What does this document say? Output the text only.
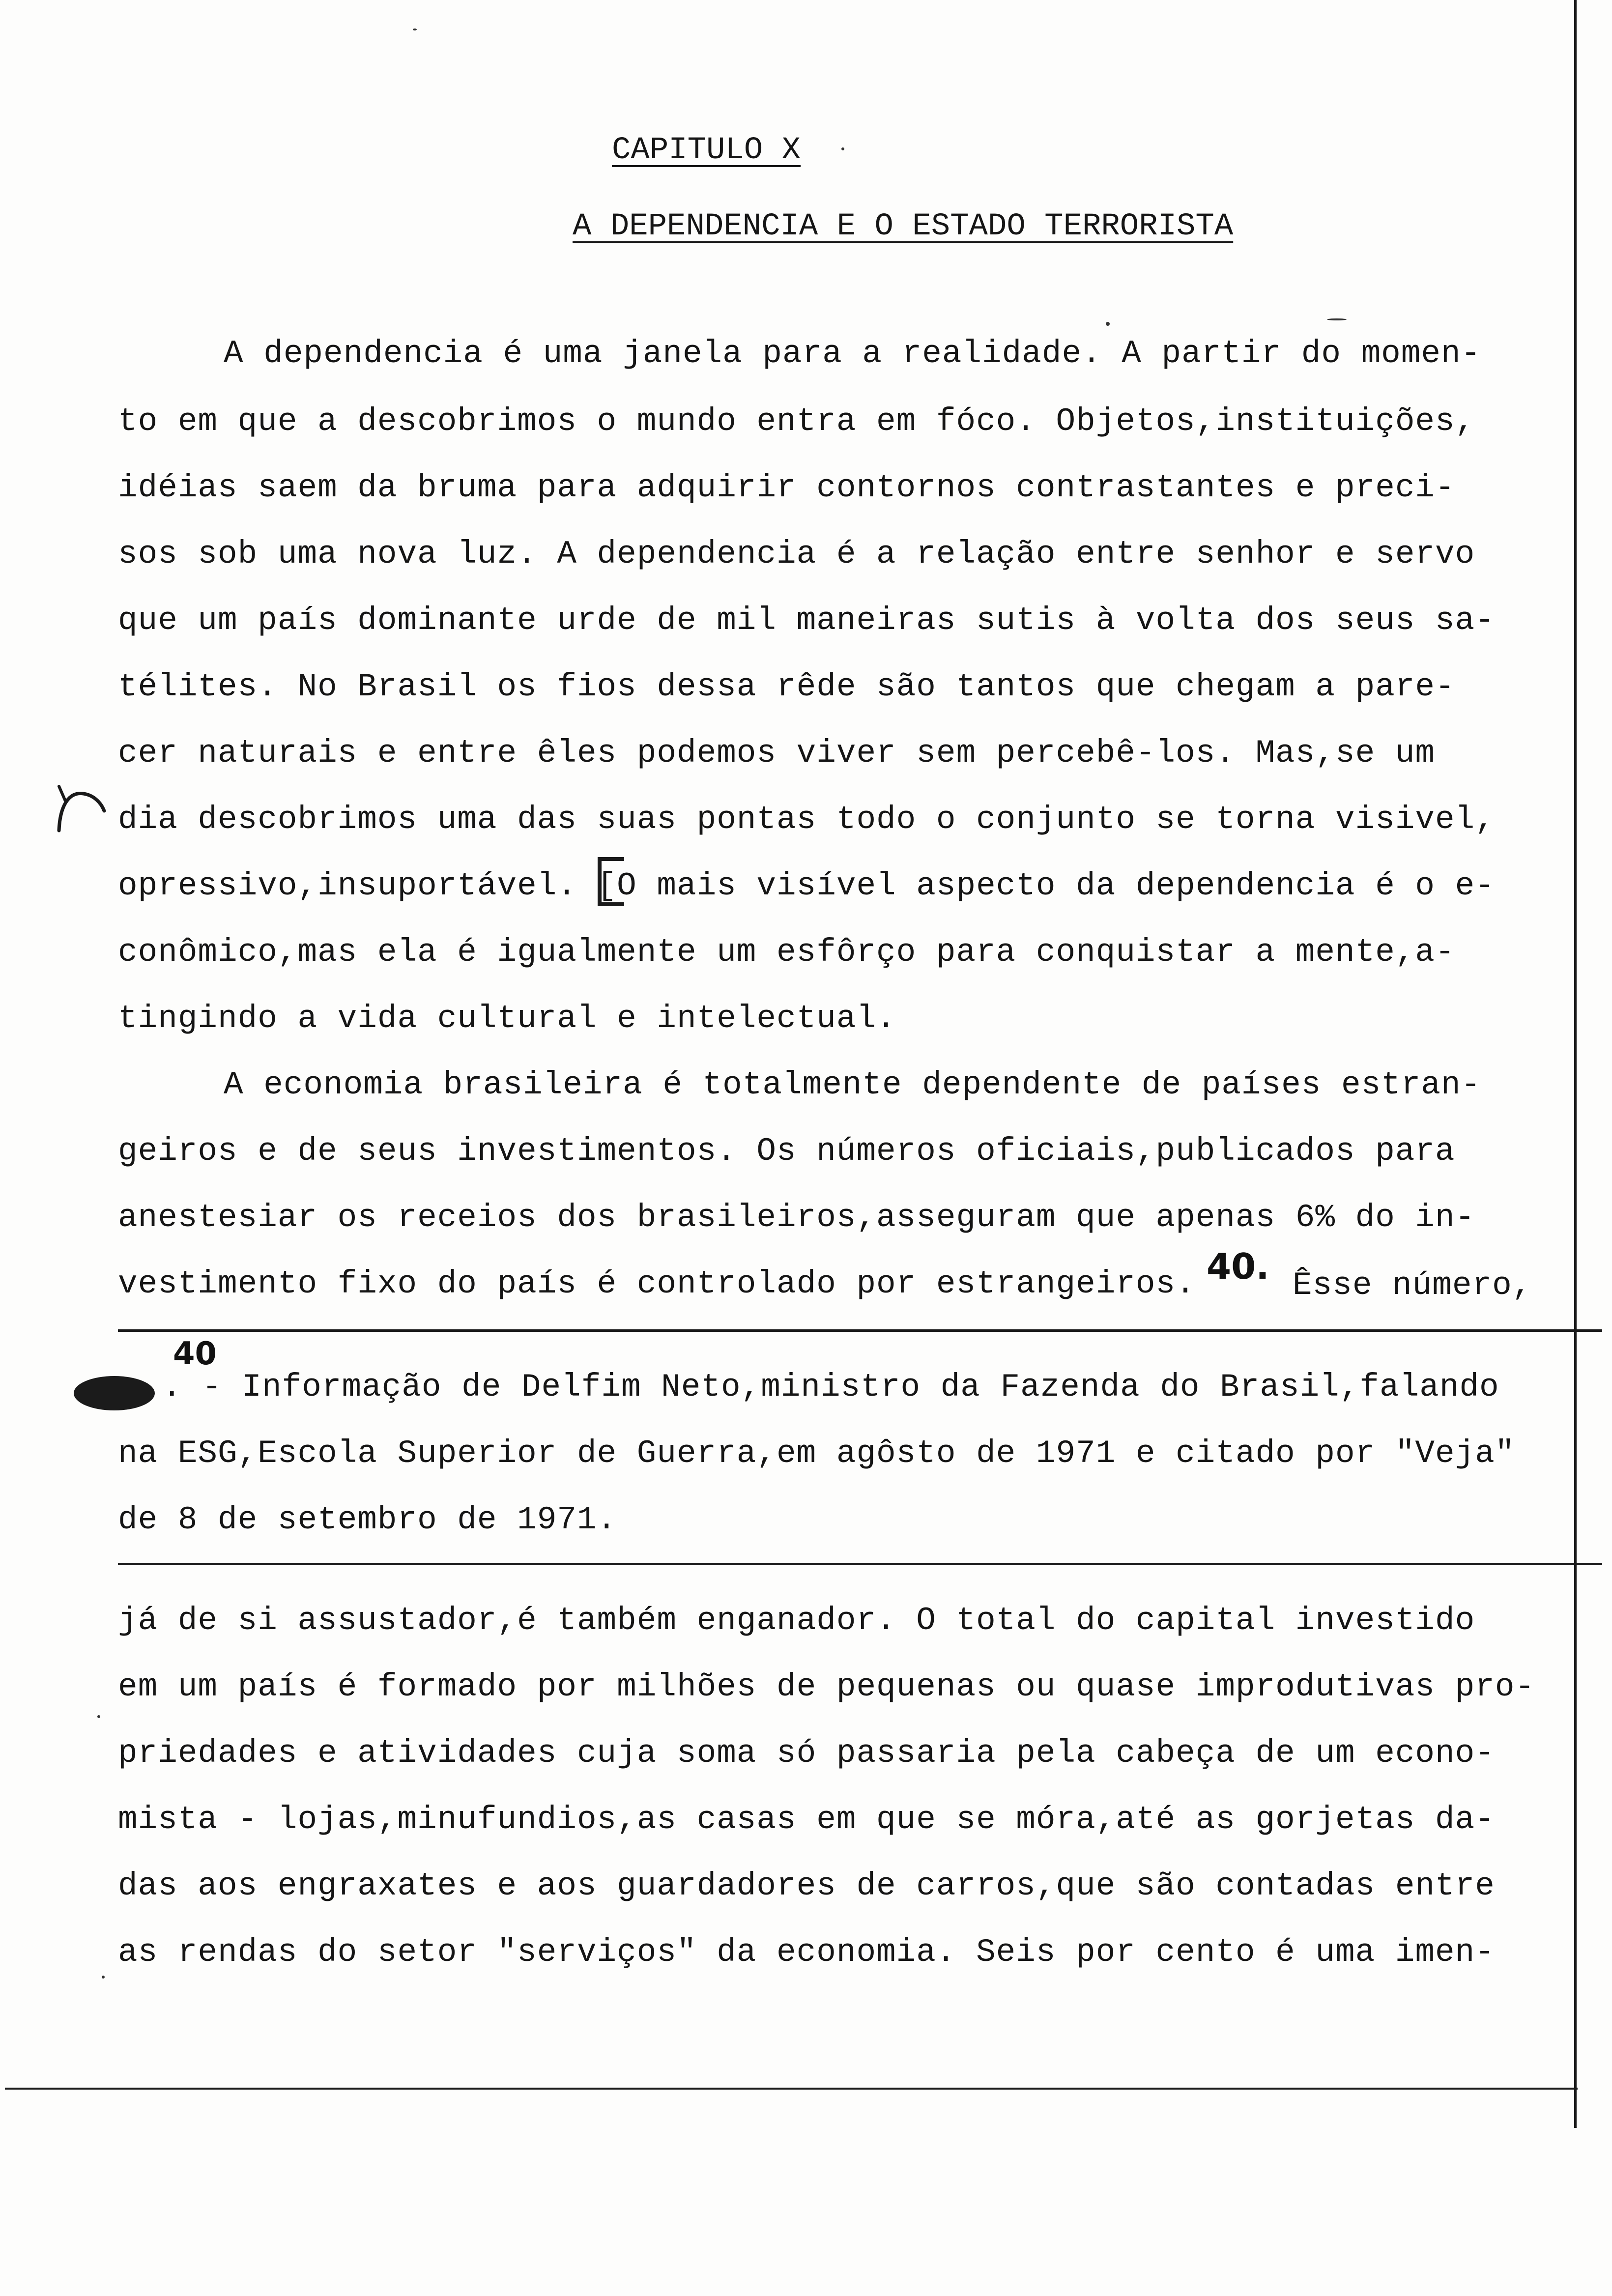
CAPITULO X
A DEPENDENCIA E O ESTADO TERRORISTA
A dependencia é uma janela para a realidade. A partir do momen-
to em que a descobrimos o mundo entra em fóco. Objetos,instituições,
idéias saem da bruma para adquirir contornos contrastantes e preci-
sos sob uma nova luz. A dependencia é a relação entre senhor e servo
que um país dominante urde de mil maneiras sutis à volta dos seus sa-
télites. No Brasil os fios dessa rêde são tantos que chegam a pare-
cer naturais e entre êles podemos viver sem percebê-los. Mas,se um
dia descobrimos uma das suas pontas todo o conjunto se torna visivel,
opressivo,insuportável. [O mais visível aspecto da dependencia é o e-
conômico,mas ela é igualmente um esfôrço para conquistar a mente,a-
tingindo a vida cultural e intelectual.
A economia brasileira é totalmente dependente de países estran-
geiros e de seus investimentos. Os números oficiais,publicados para
anestesiar os receios dos brasileiros,asseguram que apenas 6% do in-
vestimento fixo do país é controlado por estrangeiros. 40. Êsse número,
40
. - Informação de Delfim Neto,ministro da Fazenda do Brasil,falando
na ESG,Escola Superior de Guerra,em agôsto de 1971 e citado por "Veja"
de 8 de setembro de 1971.
já de si assustador,é também enganador. O total do capital investido
em um país é formado por milhões de pequenas ou quase improdutivas pro-
priedades e atividades cuja soma só passaria pela cabeça de um econo-
mista - lojas,minufundios,as casas em que se móra,até as gorjetas da-
das aos engraxates e aos guardadores de carros,que são contadas entre
as rendas do setor "serviços" da economia. Seis por cento é uma imen-
